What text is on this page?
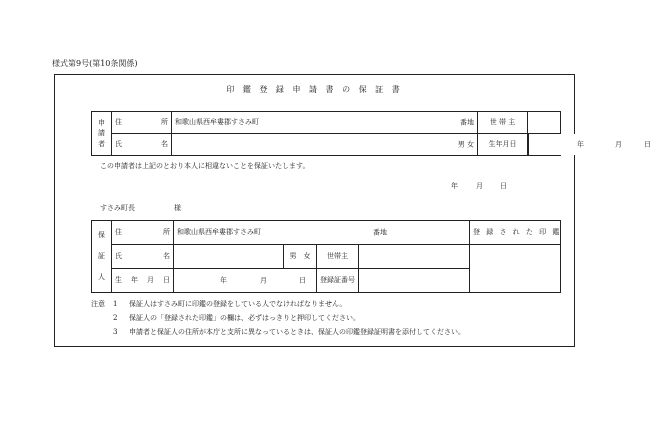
様式第9号(第10条関係)
印 鑑 登 録 申 請 書 の 保 証 書
申
請
者	住　　所	和歌山県西牟婁郡すさみ町 番地	世 帯 主	

	氏　　名	男 女	生年月日	年 月 日
この申請者は上記のとおり本人に相違ないことを保証いたします。
年	月 日
すさみ町長	様
保

証

人	住　　所	和歌山県西牟婁郡すさみ町 番地				登 録 さ れ た 印 鑑

	氏　　名		男　女	世帯主		

	生 年 月 日	年 月 日		登録証番号		
注意	1	保証人はすさみ町に印鑑の登録をしている人でなければなりません。
2	保証人の「登録された印鑑」の欄は、必ずはっきりと押印してください。
3	申請者と保証人の住所が本庁と支所に異なっているときは、保証人の印鑑登録証明書を添付してください。
